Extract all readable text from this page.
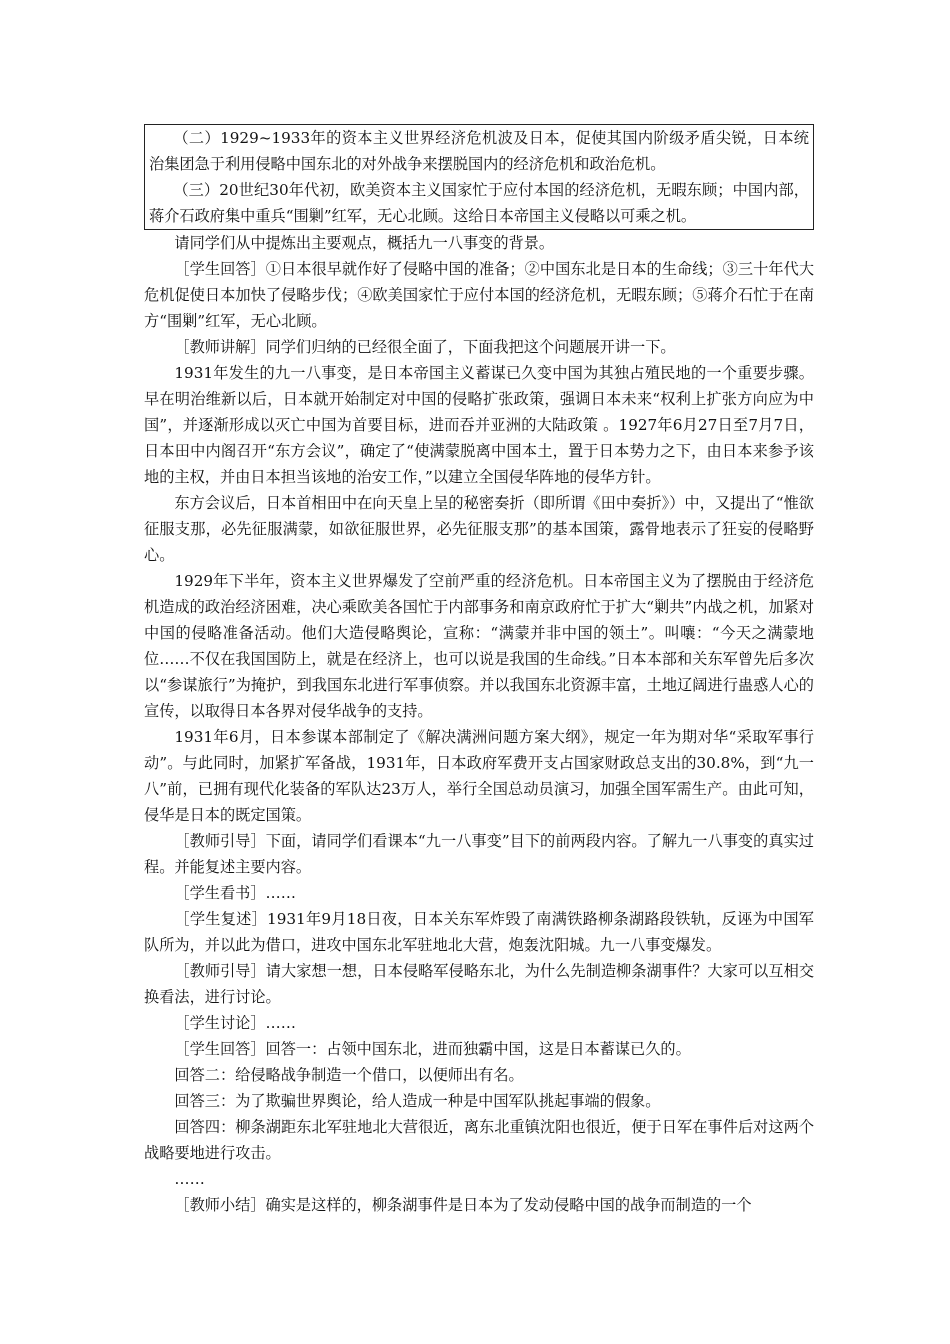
（二）1929~1933年的资本主义世界经济危机波及日本，促使其国内阶级矛盾尖锐，日本统治集团急于利用侵略中国东北的对外战争来摆脱国内的经济危机和政治危机。

（三）20世纪30年代初，欧美资本主义国家忙于应付本国的经济危机，无暇东顾；中国内部，蒋介石政府集中重兵“围剿”红军，无心北顾。这给日本帝国主义侵略以可乘之机。

请同学们从中提炼出主要观点，概括九一八事变的背景。

［学生回答］①日本很早就作好了侵略中国的准备；②中国东北是日本的生命线；③三十年代大危机促使日本加快了侵略步伐；④欧美国家忙于应付本国的经济危机，无暇东顾；⑤蒋介石忙于在南方“围剿”红军，无心北顾。

［教师讲解］同学们归纳的已经很全面了，下面我把这个问题展开讲一下。

1931年发生的九一八事变，是日本帝国主义蓄谋已久变中国为其独占殖民地的一个重要步骤。早在明治维新以后，日本就开始制定对中国的侵略扩张政策，强调日本未来“权利上扩张方向应为中国”，并逐渐形成以灭亡中国为首要目标，进而吞并亚洲的大陆政策 。1927年6月27日至7月7日，日本田中内阁召开“东方会议”，确定了“使满蒙脱离中国本土，置于日本势力之下，由日本来参予该地的主权，并由日本担当该地的治安工作，”以建立全国侵华阵地的侵华方针。

东方会议后，日本首相田中在向天皇上呈的秘密奏折（即所谓《田中奏折》）中，又提出了“惟欲征服支那，必先征服满蒙，如欲征服世界，必先征服支那”的基本国策，露骨地表示了狂妄的侵略野心。

1929年下半年，资本主义世界爆发了空前严重的经济危机。日本帝国主义为了摆脱由于经济危机造成的政治经济困难，决心乘欧美各国忙于内部事务和南京政府忙于扩大“剿共”内战之机，加紧对中国的侵略准备活动。他们大造侵略舆论，宣称：“满蒙并非中国的领土”。叫嚷：“今天之满蒙地位……不仅在我国国防上，就是在经济上，也可以说是我国的生命线。”日本本部和关东军曾先后多次以“参谋旅行”为掩护，到我国东北进行军事侦察。并以我国东北资源丰富，土地辽阔进行蛊惑人心的宣传，以取得日本各界对侵华战争的支持。

1931年6月，日本参谋本部制定了《解决满洲问题方案大纲》，规定一年为期对华“采取军事行动”。与此同时，加紧扩军备战，1931年，日本政府军费开支占国家财政总支出的30.8%，到“九一八”前，已拥有现代化装备的军队达23万人，举行全国总动员演习，加强全国军需生产。由此可知，侵华是日本的既定国策。

［教师引导］下面，请同学们看课本“九一八事变”目下的前两段内容。了解九一八事变的真实过程。并能复述主要内容。

［学生看书］……

［学生复述］1931年9月18日夜，日本关东军炸毁了南满铁路柳条湖路段铁轨，反诬为中国军队所为，并以此为借口，进攻中国东北军驻地北大营，炮轰沈阳城。九一八事变爆发。

［教师引导］请大家想一想，日本侵略军侵略东北，为什么先制造柳条湖事件？大家可以互相交换看法，进行讨论。

［学生讨论］……

［学生回答］回答一：占领中国东北，进而独霸中国，这是日本蓄谋已久的。

回答二：给侵略战争制造一个借口，以便师出有名。

回答三：为了欺骗世界舆论，给人造成一种是中国军队挑起事端的假象。

回答四：柳条湖距东北军驻地北大营很近，离东北重镇沈阳也很近，便于日军在事件后对这两个战略要地进行攻击。

……

［教师小结］确实是这样的，柳条湖事件是日本为了发动侵略中国的战争而制造的一个
